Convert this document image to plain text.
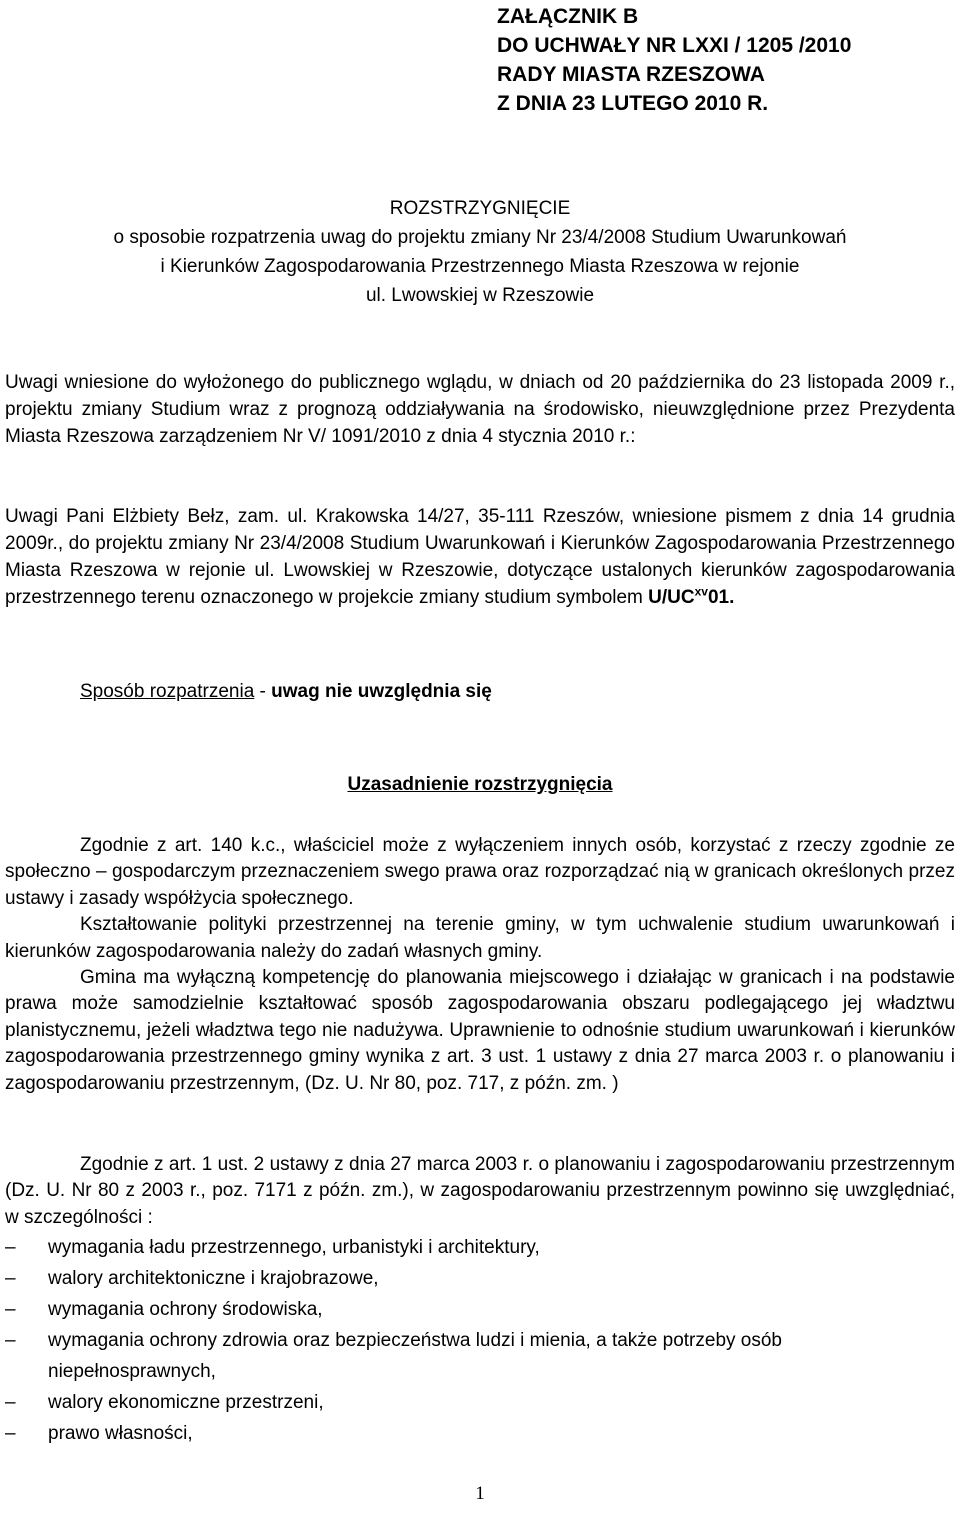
ZAŁĄCZNIK B
DO UCHWAŁY NR LXXI / 1205 /2010
RADY MIASTA RZESZOWA
Z DNIA 23 LUTEGO 2010 R.
ROZSTRZYGNIĘCIE
o sposobie rozpatrzenia uwag do projektu zmiany Nr 23/4/2008 Studium Uwarunkowań
i Kierunków Zagospodarowania Przestrzennego Miasta Rzeszowa w rejonie
ul. Lwowskiej w Rzeszowie
Uwagi wniesione do wyłożonego do publicznego wglądu, w dniach od 20 października do 23 listopada 2009 r., projektu zmiany Studium wraz z prognozą oddziaływania na środowisko, nieuwzględnione przez Prezydenta Miasta Rzeszowa zarządzeniem Nr V/ 1091/2010 z dnia 4 stycznia 2010 r.:
Uwagi Pani Elżbiety Bełz, zam. ul. Krakowska 14/27, 35-111 Rzeszów, wniesione pismem z dnia 14 grudnia 2009r., do projektu zmiany Nr 23/4/2008 Studium Uwarunkowań i Kierunków Zagospodarowania Przestrzennego Miasta Rzeszowa w rejonie ul. Lwowskiej w Rzeszowie, dotyczące ustalonych kierunków zagospodarowania przestrzennego terenu oznaczonego w projekcie zmiany studium symbolem U/UC$^{xv}$01.
Sposób rozpatrzenia - uwag nie uwzględnia się
Uzasadnienie rozstrzygnięcia
Zgodnie z art. 140 k.c., właściciel może z wyłączeniem innych osób, korzystać z rzeczy zgodnie ze społeczno – gospodarczym przeznaczeniem swego prawa oraz rozporządzać nią w granicach określonych przez ustawy i zasady współżycia społecznego.
Kształtowanie polityki przestrzennej na terenie gminy, w tym uchwalenie studium uwarunkowań i kierunków zagospodarowania należy do zadań własnych gminy.
Gmina ma wyłączną kompetencję do planowania miejscowego i działając w granicach i na podstawie prawa może samodzielnie kształtować sposób zagospodarowania obszaru podlegającego jej władztwu planistycznemu, jeżeli władztwa tego nie nadużywa. Uprawnienie to odnośnie studium uwarunkowań i kierunków zagospodarowania przestrzennego gminy wynika z art. 3 ust. 1 ustawy z dnia 27 marca 2003 r. o planowaniu i zagospodarowaniu przestrzennym, (Dz. U. Nr 80, poz. 717, z późn. zm. )
Zgodnie z art. 1 ust. 2 ustawy z dnia 27 marca 2003 r. o planowaniu i zagospodarowaniu przestrzennym (Dz. U. Nr 80 z 2003 r., poz. 7171 z późn. zm.), w zagospodarowaniu przestrzennym powinno się uwzględniać, w szczególności :
– wymagania ładu przestrzennego, urbanistyki i architektury,
– walory architektoniczne i krajobrazowe,
– wymagania ochrony środowiska,
– wymagania ochrony zdrowia oraz bezpieczeństwa ludzi i mienia, a także potrzeby osób niepełnosprawnych,
– walory ekonomiczne przestrzeni,
– prawo własności,
1
